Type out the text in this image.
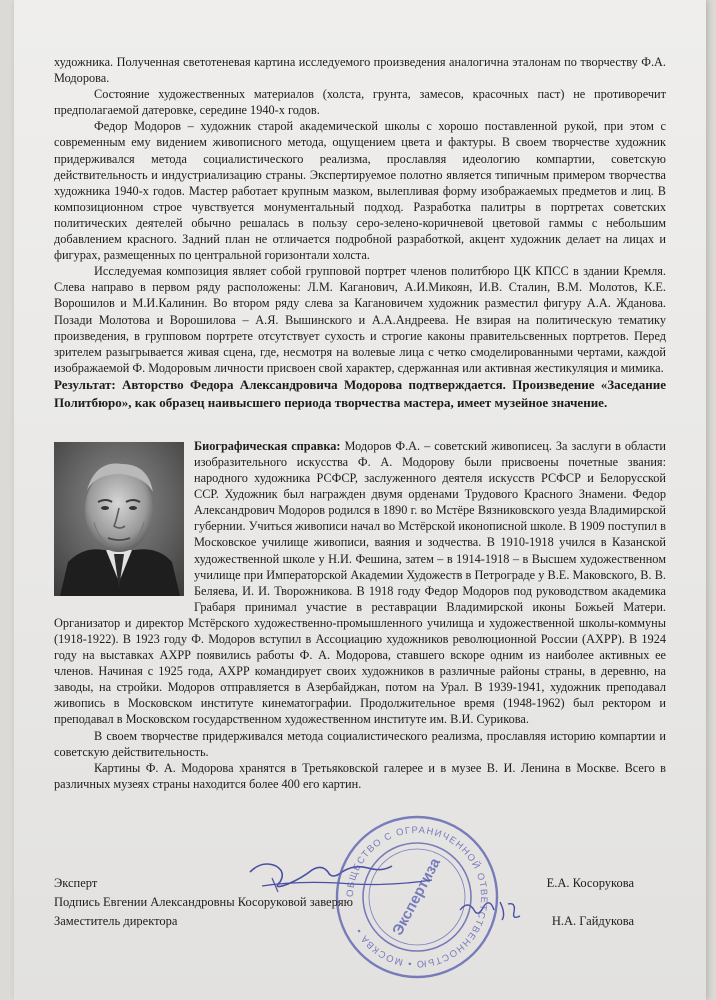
художника. Полученная светотеневая картина исследуемого произведения аналогична эталонам по творчеству Ф.А. Модорова.

Состояние художественных материалов (холста, грунта, замесов, красочных паст) не противоречит предполагаемой датеровке, середине 1940-х годов.

Федор Модоров – художник старой академической школы с хорошо поставленной рукой, при этом с современным ему видением живописного метода, ощущением цвета и фактуры. В своем творчестве художник придерживался метода социалистического реализма, прославляя идеологию компартии, советскую действительность и индустриализацию страны. Экспертируемое полотно является типичным примером творчества художника 1940-х годов. Мастер работает крупным мазком, вылепливая форму изображаемых предметов и лиц. В композиционном строе чувствуется монументальный подход. Разработка палитры в портретах советских политических деятелей обычно решалась в пользу серо-зелено-коричневой цветовой гаммы с небольшим добавлением красного. Задний план не отличается подробной разработкой, акцент художник делает на лицах и фигурах, размещенных по центральной горизонтали холста.

Исследуемая композиция являет собой групповой портрет членов политбюро ЦК КПСС в здании Кремля. Слева направо в первом ряду расположены: Л.М. Каганович, А.И.Микоян, И.В. Сталин, В.М. Молотов, К.Е. Ворошилов и М.И.Калинин. Во втором ряду слева за Кагановичем художник разместил фигуру А.А. Жданова. Позади Молотова и Ворошилова – А.Я. Вышинского и А.А.Андреева. Не взирая на политическую тематику произведения, в групповом портрете отсутствует сухость и строгие каконы правительсвенных портретов. Перед зрителем разыгрывается живая сцена, где, несмотря на волевые лица с четко смоделированными чертами, каждой изображаемой Ф. Модоровым личности присвоен свой характер, сдержанная или активная жестикуляция и мимика.

Результат: Авторство Федора Александровича Модорова подтверждается. Произведение «Заседание Политбюро», как образец наивысшего периода творчества мастера, имеет музейное значение.

Биографическая справка: Модоров Ф.А. – советский живописец. За заслуги в области изобразительного искусства Ф. А. Модорову были присвоены почетные звания: народного художника РСФСР, заслуженного деятеля искусств РСФСР и Белорусской ССР. Художник был награжден двумя орденами Трудового Красного Знамени. Федор Александрович Модоров родился в 1890 г. во Мстёре Вязниковского уезда Владимирской губернии. Учиться живописи начал во Мстёрской иконописной школе. В 1909 поступил в Московское училище живописи, ваяния и зодчества. В 1910-1918 учился в Казанской художественной школе у Н.И. Фешина, затем – в 1914-1918 – в Высшем художественном училище при Императорской Академии Художеств в Петрограде у В.Е. Маковского, В. В. Беляева, И. И. Творожникова. В 1918 году Федор Модоров под руководством академика Грабаря принимал участие в реставрации Владимирской иконы Божьей Матери. Организатор и директор Мстёрского художественно-промышленного училища и художественной школы-коммуны (1918-1922). В 1923 году Ф. Модоров вступил в Ассоциацию художников революционной России (АХРР). В 1924 году на выставках АХРР появились работы Ф. А. Модорова, ставшего вскоре одним из наиболее активных ее членов. Начиная с 1925 года, АХРР командирует своих художников в различные районы страны, в деревню, на заводы, на стройки. Модоров отправляется в Азербайджан, потом на Урал. В 1939-1941, художник преподавал живопись в Московском институте кинематографии. Продолжительное время (1948-1962) был ректором и преподавал в Московском государственном художественном институте им. В.И. Сурикова.

В своем творчестве придерживался метода социалистического реализма, прославляя историю компартии и советскую действительность.

Картины Ф. А. Модорова хранятся в Третьяковской галерее и в музее В. И. Ленина в Москве. Всего в различных музеях страны находится более 400 его картин.

ОБЩЕСТВО С ОГРАНИЧЕННОЙ ОТВЕТСТВЕННОСТЬЮ • МОСКВА •	Экспертиза
Эксперт	Е.А. Косорукова
Подпись Евгении Александровны Косоруковой заверяю
Заместитель директора	Н.А. Гайдукова
